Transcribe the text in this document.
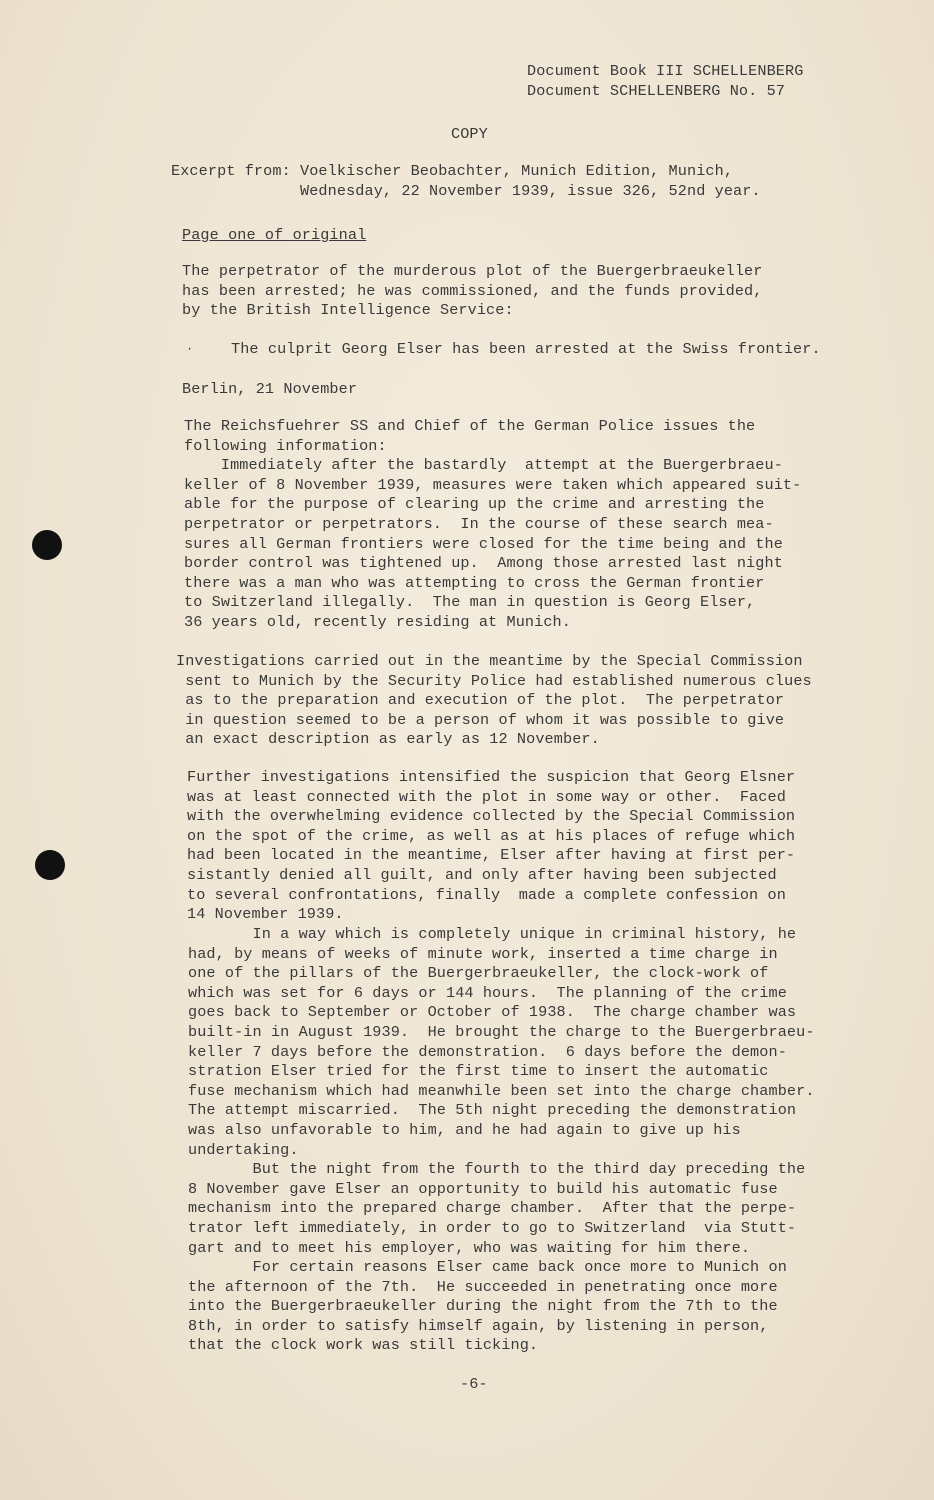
Document Book III SCHELLENBERG
Document SCHELLENBERG No. 57
COPY
Excerpt from: Voelkischer Beobachter, Munich Edition, Munich,
Wednesday, 22 November 1939, issue 326, 52nd year.
Page one of original
The perpetrator of the murderous plot of the Buergerbraeukeller
has been arrested; he was commissioned, and the funds provided,
by the British Intelligence Service:
· The culprit Georg Elser has been arrested at the Swiss frontier.
Berlin, 21 November
The Reichsfuehrer SS and Chief of the German Police issues the
following information:
Immediately after the bastardly  attempt at the Buergerbraeu-
keller of 8 November 1939, measures were taken which appeared suit-
able for the purpose of clearing up the crime and arresting the
perpetrator or perpetrators.  In the course of these search mea-
sures all German frontiers were closed for the time being and the
border control was tightened up.  Among those arrested last night
there was a man who was attempting to cross the German frontier
to Switzerland illegally.  The man in question is Georg Elser,
36 years old, recently residing at Munich.
Investigations carried out in the meantime by the Special Commission
sent to Munich by the Security Police had established numerous clues
as to the preparation and execution of the plot.  The perpetrator
in question seemed to be a person of whom it was possible to give
an exact description as early as 12 November.
Further investigations intensified the suspicion that Georg Elsner
was at least connected with the plot in some way or other.  Faced
with the overwhelming evidence collected by the Special Commission
on the spot of the crime, as well as at his places of refuge which
had been located in the meantime, Elser after having at first per-
sistantly denied all guilt, and only after having been subjected
to several confrontations, finally  made a complete confession on
14 November 1939.
In a way which is completely unique in criminal history, he
had, by means of weeks of minute work, inserted a time charge in
one of the pillars of the Buergerbraeukeller, the clock-work of
which was set for 6 days or 144 hours.  The planning of the crime
goes back to September or October of 1938.  The charge chamber was
built-in in August 1939.  He brought the charge to the Buergerbraeu-
keller 7 days before the demonstration.  6 days before the demon-
stration Elser tried for the first time to insert the automatic
fuse mechanism which had meanwhile been set into the charge chamber.
The attempt miscarried.  The 5th night preceding the demonstration
was also unfavorable to him, and he had again to give up his
undertaking.
But the night from the fourth to the third day preceding the
8 November gave Elser an opportunity to build his automatic fuse
mechanism into the prepared charge chamber.  After that the perpe-
trator left immediately, in order to go to Switzerland  via Stutt-
gart and to meet his employer, who was waiting for him there.
For certain reasons Elser came back once more to Munich on
the afternoon of the 7th.  He succeeded in penetrating once more
into the Buergerbraeukeller during the night from the 7th to the
8th, in order to satisfy himself again, by listening in person,
that the clock work was still ticking.
-6-
